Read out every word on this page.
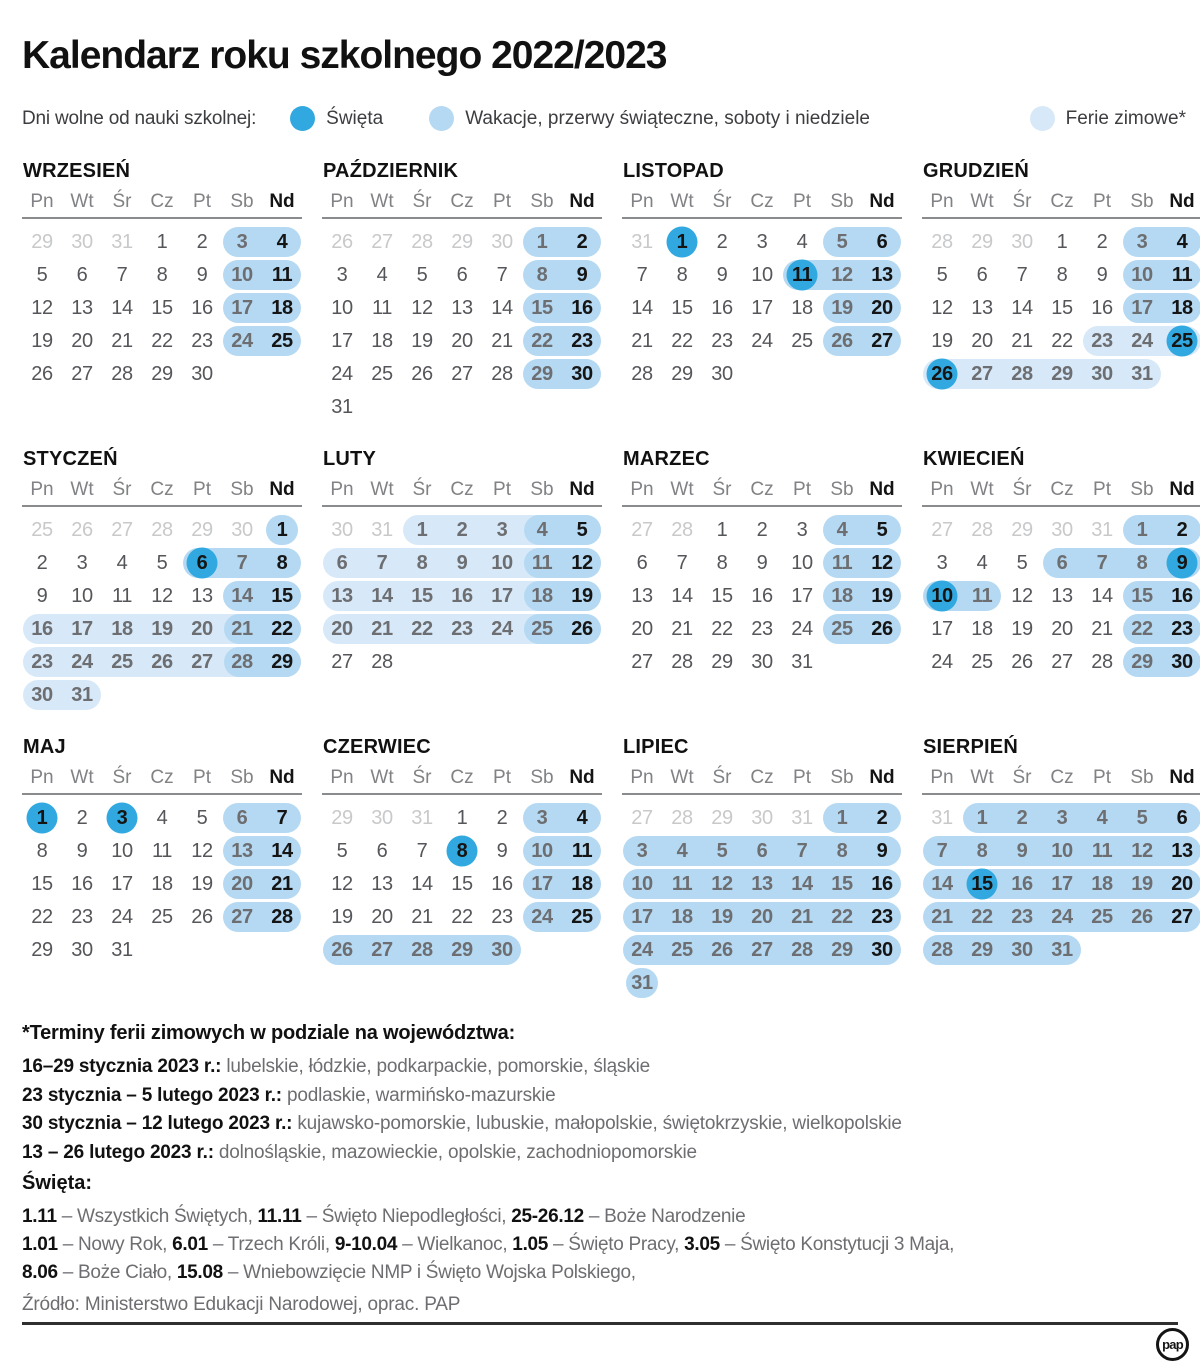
Kalendarz roku szkolnego 2022/2023
Dni wolne od nauki szkolnej:	Święta	Wakacje, przerwy świąteczne, soboty i niedziele	Ferie zimowe*
WRZESIEŃ
Pn Wt Śr Cz	Pt	Sb Nd
29 30 31	1	2	3	4
5	6	7	8	9	10 11
12 13 14 15 16 17 18
19 20 21 22 23 24 25
26 27 28 29 30
PAŹDZIERNIK
Pn Wt Śr Cz	Pt	Sb Nd
26 27 28 29 30	1	2
3	4	5	6	7	8	9
10 11 12 13 14 15 16
17 18 19 20 21 22 23
24 25 26 27 28 29 30
31
LISTOPAD
Pn Wt Śr Cz	Pt	Sb Nd
31	1	2	3	4	5	6
7	8	9	10 11 12 13
14 15 16 17 18 19 20
21 22 23 24 25 26 27
28 29 30
GRUDZIEŃ
Pn Wt Śr Cz	Pt	Sb Nd
28 29 30	1	2	3	4
5	6	7	8	9	10 11
12 13 14 15 16 17 18
19 20 21 22 23 24 25
26 27 28 29 30 31
STYCZEŃ
Pn Wt Śr Cz	Pt	Sb Nd
25 26 27 28 29 30	1
2	3	4	5	6	7	8
9	10 11 12 13 14 15
16 17 18 19 20 21 22
23 24 25 26 27 28 29
30 31
LUTY
Pn Wt Śr Cz	Pt	Sb Nd
30 31	1	2	3	4	5
6	7	8	9	10 11 12
13 14 15 16 17 18 19
20 21 22 23 24 25 26
27 28
MARZEC
Pn Wt Śr Cz	Pt	Sb Nd
27 28	1	2	3	4	5
6	7	8	9	10 11 12
13 14 15 16 17 18 19
20 21 22 23 24 25 26
27 28 29 30 31
KWIECIEŃ
Pn Wt Śr Cz	Pt	Sb Nd
27 28 29 30 31	1	2
3	4	5	6	7	8	9
10 11 12 13 14 15 16
17 18 19 20 21 22 23
24 25 26 27 28 29 30
MAJ
Pn Wt Śr Cz	Pt	Sb Nd
1	2	3	4	5	6	7
8	9	10 11 12 13 14
15 16 17 18 19 20 21
22 23 24 25 26 27 28
29 30 31
CZERWIEC
Pn Wt Śr Cz	Pt	Sb Nd
29 30 31	1	2	3	4
5	6	7	8	9	10 11
12 13 14 15 16 17 18
19 20 21 22 23 24 25
26 27 28 29 30
LIPIEC
Pn Wt Śr Cz	Pt	Sb Nd
27 28 29 30 31	1	2
3	4	5	6	7	8	9
10 11 12 13 14 15 16
17 18 19 20 21 22 23
24 25 26 27 28 29 30
31
SIERPIEŃ
Pn Wt Śr Cz	Pt	Sb Nd
31	1	2	3	4	5	6
7	8	9	10 11 12 13
14 15 16 17 18 19 20
21 22 23 24 25 26 27
28 29 30 31
*Terminy ferii zimowych w podziale na województwa:
16–29 stycznia 2023 r.: lubelskie, łódzkie, podkarpackie, pomorskie, śląskie
23 stycznia – 5 lutego 2023 r.: podlaskie, warmińsko-mazurskie
30 stycznia – 12 lutego 2023 r.: kujawsko-pomorskie, lubuskie, małopolskie, świętokrzyskie, wielkopolskie
13 – 26 lutego 2023 r.: dolnośląskie, mazowieckie, opolskie, zachodniopomorskie
Święta:
1.11 – Wszystkich Świętych, 11.11 – Święto Niepodległości, 25-26.12 – Boże Narodzenie
1.01 – Nowy Rok, 6.01 – Trzech Króli, 9-10.04 – Wielkanoc, 1.05 – Święto Pracy, 3.05 – Święto Konstytucji 3 Maja,
8.06 – Boże Ciało, 15.08 – Wniebowzięcie NMP i Święto Wojska Polskiego,
Źródło: Ministerstwo Edukacji Narodowej, oprac. PAP
pap
